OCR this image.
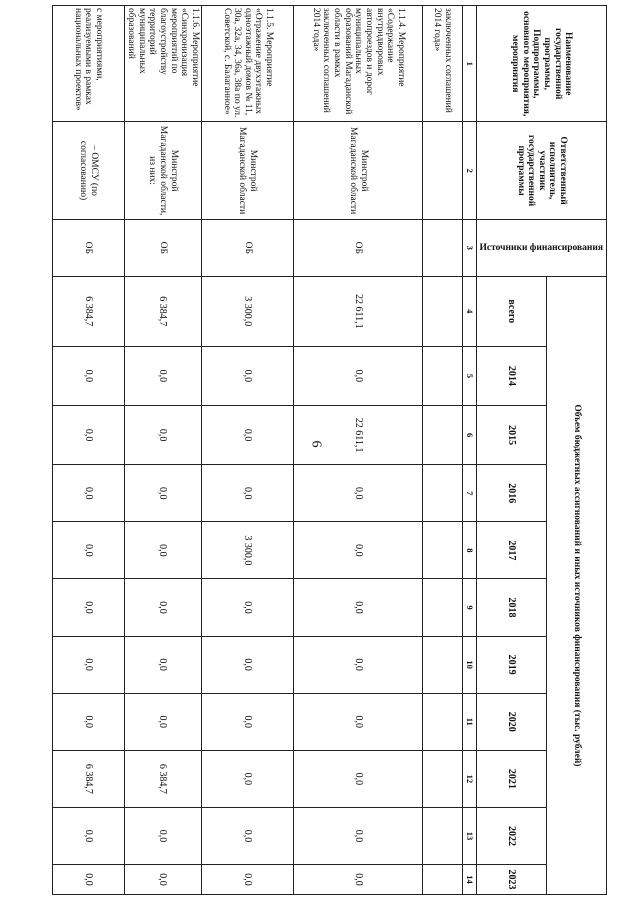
6
Наименование государственной программы, Подпрограммы, основного мероприятия, мероприятия	Ответственный исполнитель, участник государственной программы	Источники финансирования	Объем бюджетных ассигнований и иных источников финансирования (тыс. рублей)										
			всего	2014	2015	2016	2017	2018	2019	2020	2021	2022	2023
1	2	3	4	5	6	7	8	9	10	11	12	13	14
заключенных соглашений 2014 года»													
1.1.4. Мероприятие «Содержание внутридворовых автопроездов и дорог муниципальных образований Магаданской области в рамках заключенных соглашений 2014 года»	Минстрой Магаданской области	ОБ	22 611,1	0,0	22 611,1	0,0	0,0	0,0	0,0	0,0	0,0	0,0	0,0
1.1.5. Мероприятие «Отражение двухэтажных одноэтажный домов № 11, 30а, 32а, 34, 36а, 38а по ул. Советской, с. Балаганное»	Минстрой Магаданской области	ОБ	3 300,0	0,0	0,0	0,0	3 300,0	0,0	0,0	0,0	0,0	0,0	0,0
1.1.6. Мероприятие «Синхронизация мероприятий по благоустройству территорий муниципальных образований	Минстрой Магаданской области, из них:	ОБ	6 384,7	0,0	0,0	0,0	0,0	0,0	0,0	0,0	6 384,7	0,0	0,0
с мероприятиями, реализуемыми в рамках национальных проектов»	– ОМСУ (по согласованию)	ОБ	6 384,7	0,0	0,0	0,0	0,0	0,0	0,0	0,0	6 384,7	0,0	0,0
